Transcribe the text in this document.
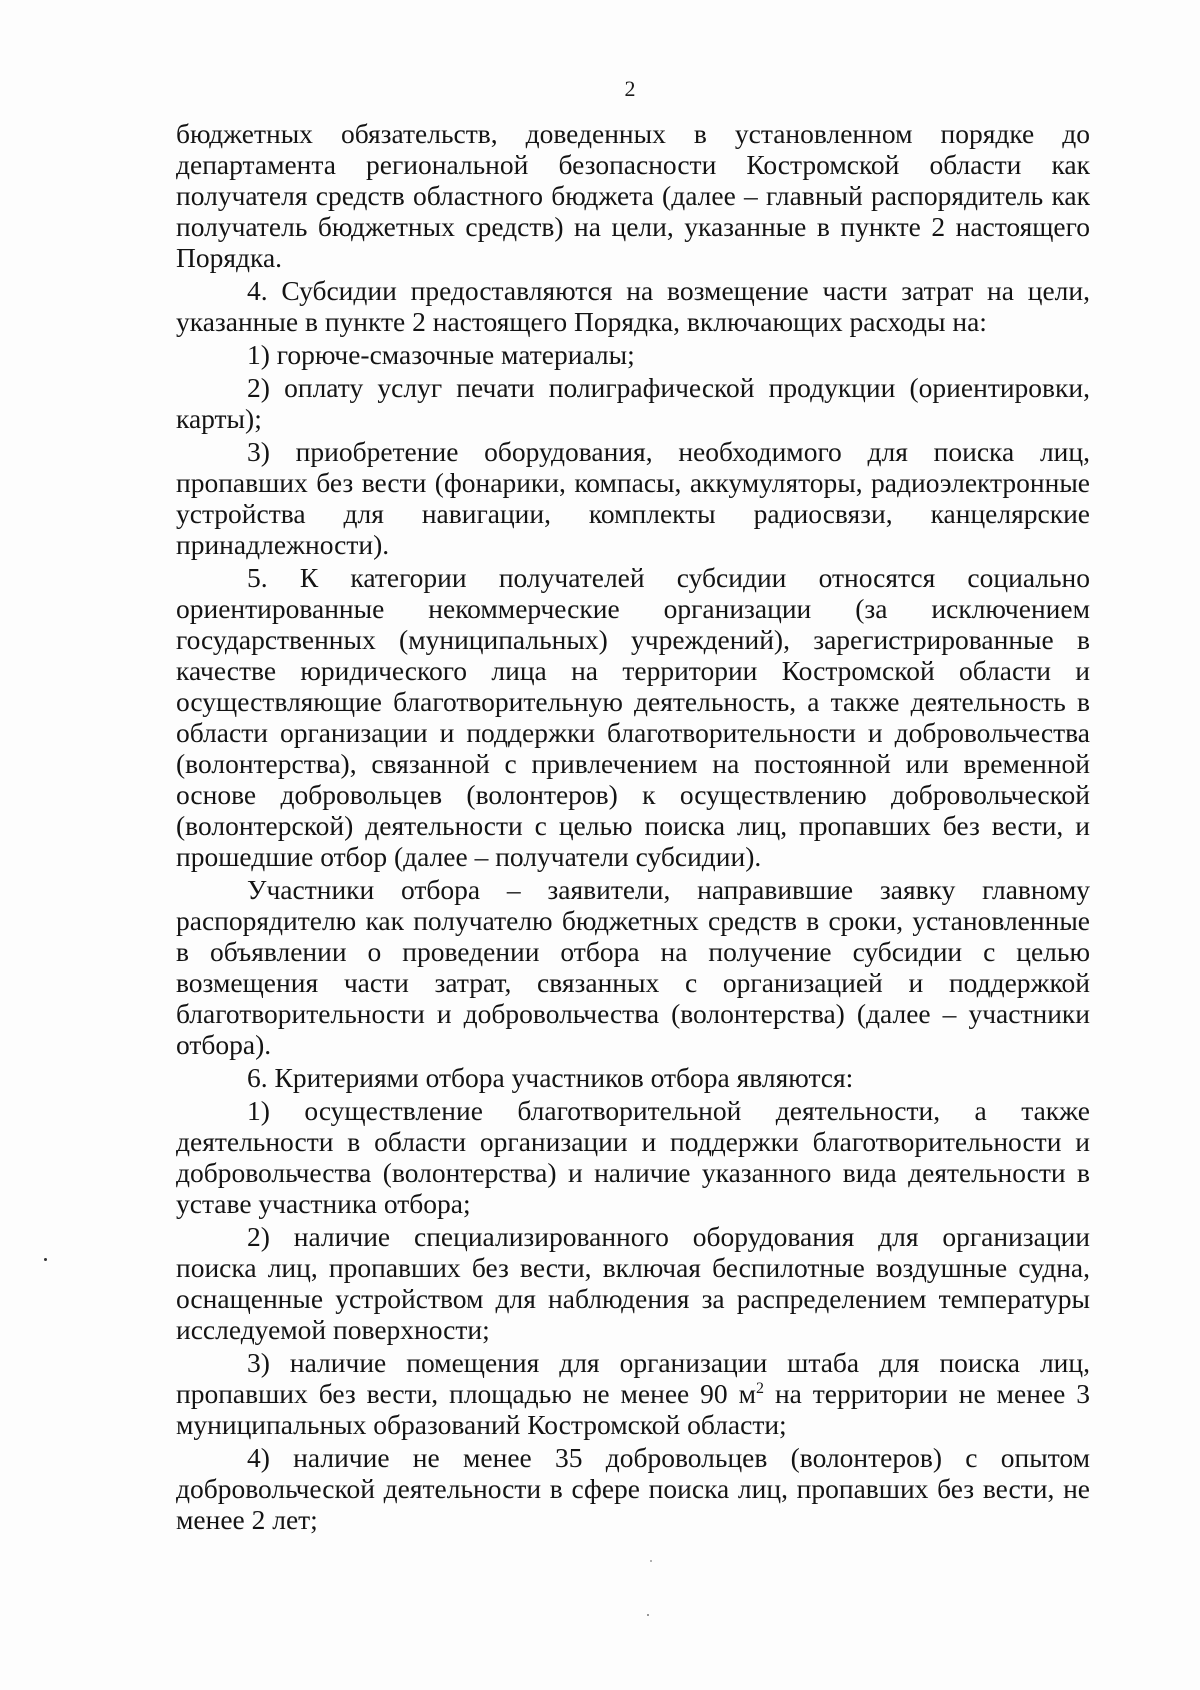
2

бюджетных обязательств, доведенных в установленном порядке до департамента региональной безопасности Костромской области как получателя средств областного бюджета (далее – главный распорядитель как получатель бюджетных средств) на цели, указанные в пункте 2 настоящего Порядка.

4. Субсидии предоставляются на возмещение части затрат на цели, указанные в пункте 2 настоящего Порядка, включающих расходы на:

1) горюче-смазочные материалы;

2) оплату услуг печати полиграфической продукции (ориентировки, карты);

3) приобретение оборудования, необходимого для поиска лиц, пропавших без вести (фонарики, компасы, аккумуляторы, радиоэлектронные устройства для навигации, комплекты радиосвязи, канцелярские принадлежности).

5. К категории получателей субсидии относятся социально ориентированные некоммерческие организации (за исключением государственных (муниципальных) учреждений), зарегистрированные в качестве юридического лица на территории Костромской области и осуществляющие благотворительную деятельность, а также деятельность в области организации и поддержки благотворительности и добровольчества (волонтерства), связанной с привлечением на постоянной или временной основе добровольцев (волонтеров) к осуществлению добровольческой (волонтерской) деятельности с целью поиска лиц, пропавших без вести, и прошедшие отбор (далее – получатели субсидии).

Участники отбора – заявители, направившие заявку главному распорядителю как получателю бюджетных средств в сроки, установленные в объявлении о проведении отбора на получение субсидии с целью возмещения части затрат, связанных с организацией и поддержкой благотворительности и добровольчества (волонтерства) (далее – участники отбора).

6. Критериями отбора участников отбора являются:

1) осуществление благотворительной деятельности, а также деятельности в области организации и поддержки благотворительности и добровольчества (волонтерства) и наличие указанного вида деятельности в уставе участника отбора;

2) наличие специализированного оборудования для организации поиска лиц, пропавших без вести, включая беспилотные воздушные судна, оснащенные устройством для наблюдения за распределением температуры исследуемой поверхности;

3) наличие помещения для организации штаба для поиска лиц, пропавших без вести, площадью не менее 90 $м^2$ на территории не менее 3 муниципальных образований Костромской области;

4) наличие не менее 35 добровольцев (волонтеров) с опытом добровольческой деятельности в сфере поиска лиц, пропавших без вести, не менее 2 лет;
